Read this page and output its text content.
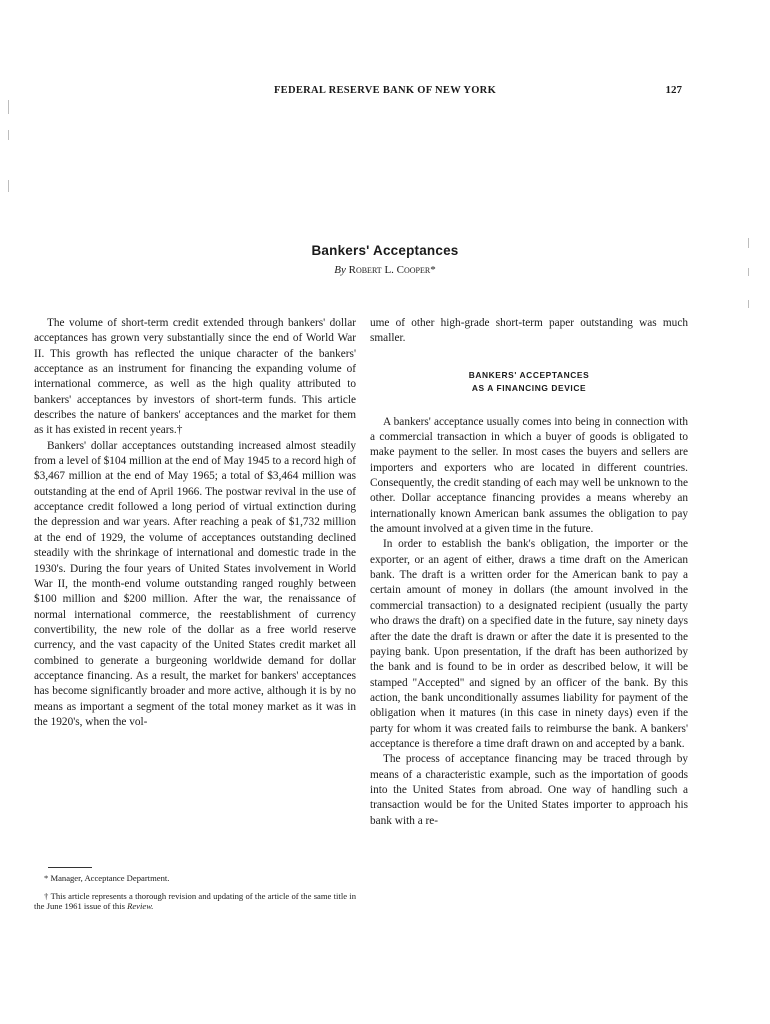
FEDERAL RESERVE BANK OF NEW YORK	127
Bankers' Acceptances
By Robert L. Cooper*

The volume of short-term credit extended through bankers' dollar acceptances has grown very substantially since the end of World War II. This growth has reflected the unique character of the bankers' acceptance as an instrument for financing the expanding volume of international commerce, as well as the high quality attributed to bankers' acceptances by investors of short-term funds. This article describes the nature of bankers' acceptances and the market for them as it has existed in recent years.†

Bankers' dollar acceptances outstanding increased almost steadily from a level of $104 million at the end of May 1945 to a record high of $3,467 million at the end of May 1965; a total of $3,464 million was outstanding at the end of April 1966. The postwar revival in the use of acceptance credit followed a long period of virtual extinction during the depression and war years. After reaching a peak of $1,732 million at the end of 1929, the volume of acceptances outstanding declined steadily with the shrinkage of international and domestic trade in the 1930's. During the four years of United States involvement in World War II, the month-end volume outstanding ranged roughly between $100 million and $200 million. After the war, the renaissance of normal international commerce, the reestablishment of currency convertibility, the new role of the dollar as a free world reserve currency, and the vast capacity of the United States credit market all combined to generate a burgeoning worldwide demand for dollar acceptance financing. As a result, the market for bankers' acceptances has become significantly broader and more active, although it is by no means as important a segment of the total money market as it was in the 1920's, when the vol-

ume of other high-grade short-term paper outstanding was much smaller.

BANKERS' ACCEPTANCES
AS A FINANCING DEVICE

A bankers' acceptance usually comes into being in connection with a commercial transaction in which a buyer of goods is obligated to make payment to the seller. In most cases the buyers and sellers are importers and exporters who are located in different countries. Consequently, the credit standing of each may well be unknown to the other. Dollar acceptance financing provides a means whereby an internationally known American bank assumes the obligation to pay the amount involved at a given time in the future.

In order to establish the bank's obligation, the importer or the exporter, or an agent of either, draws a time draft on the American bank. The draft is a written order for the American bank to pay a certain amount of money in dollars (the amount involved in the commercial transaction) to a designated recipient (usually the party who draws the draft) on a specified date in the future, say ninety days after the date the draft is drawn or after the date it is presented to the paying bank. Upon presentation, if the draft has been authorized by the bank and is found to be in order as described below, it will be stamped "Accepted" and signed by an officer of the bank. By this action, the bank unconditionally assumes liability for payment of the obligation when it matures (in this case in ninety days) even if the party for whom it was created fails to reimburse the bank. A bankers' acceptance is therefore a time draft drawn on and accepted by a bank.

The process of acceptance financing may be traced through by means of a characteristic example, such as the importation of goods into the United States from abroad. One way of handling such a transaction would be for the United States importer to approach his bank with a re-

* Manager, Acceptance Department.

† This article represents a thorough revision and updating of the article of the same title in the June 1961 issue of this Review.
